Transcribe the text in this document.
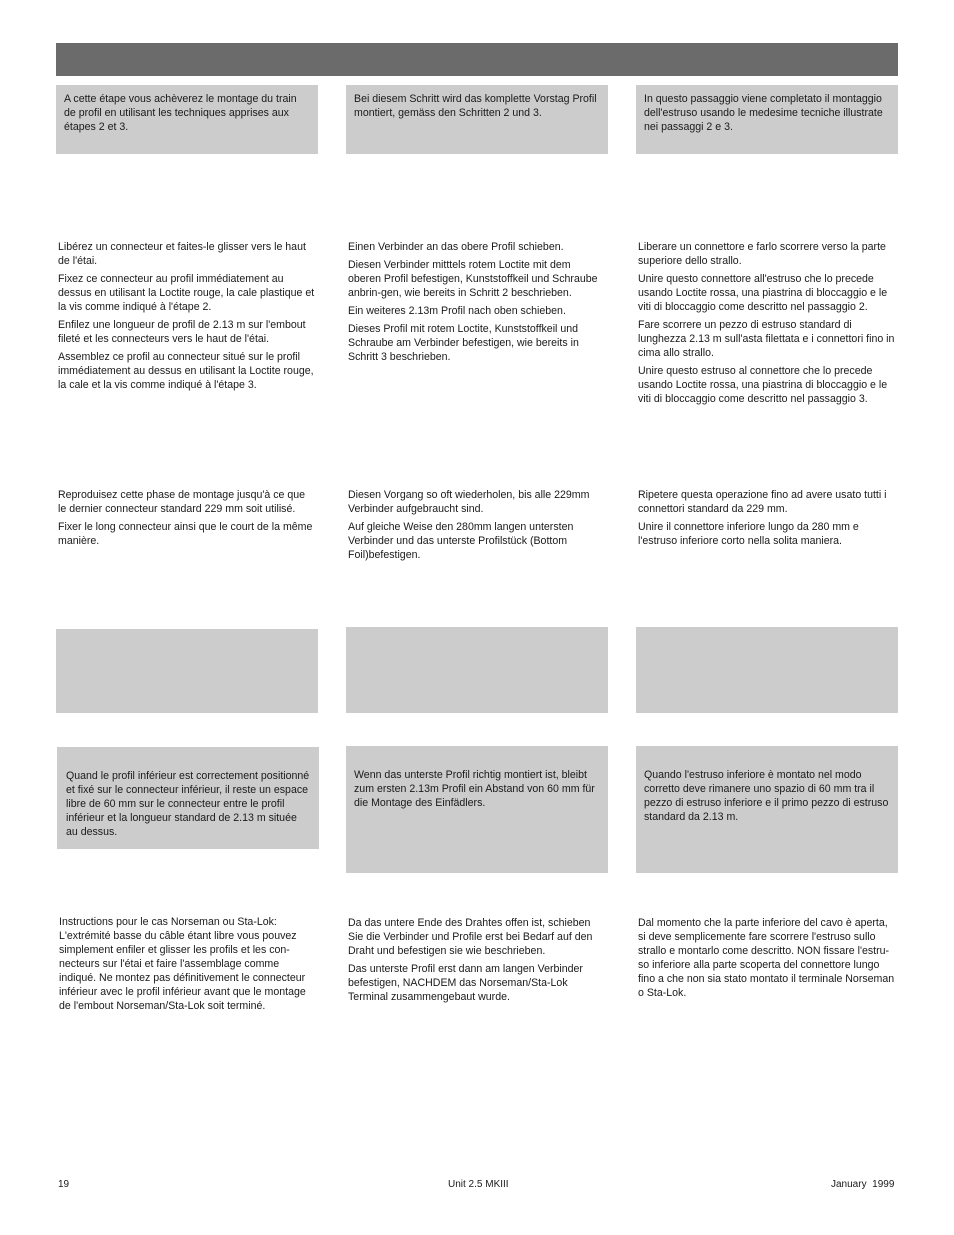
A cette étape vous achèverez le montage du train de profil en utilisant les techniques apprises aux étapes 2 et 3.

Bei diesem Schritt wird das komplette Vorstag Profil montiert, gemäss den Schritten 2 und 3.

In questo passaggio viene completato il montaggio dell'estruso usando le medesime tecniche illustrate nei passaggi 2 e 3.

Libérez un connecteur et faites-le glisser vers le haut de l'étai.

Fixez ce connecteur au profil immédiatement au dessus en utilisant la Loctite rouge, la cale plastique et la vis comme indiqué à l'étape 2.

Enfilez une longueur de profil de 2.13 m sur l'embout fileté et les connecteurs vers le haut de l'étai.

Assemblez ce profil au connecteur situé sur le profil immédiatement au dessus en utilisant la Loctite rouge, la cale et la vis comme indiqué à l'étape 3.

Einen Verbinder an das obere Profil schieben.

Diesen Verbinder mitttels rotem Loctite mit dem oberen Profil befestigen, Kunststoffkeil und Schraube anbrin-gen, wie bereits in Schritt 2 beschrieben.

Ein weiteres 2.13m Profil nach oben schieben.

Dieses Profil mit rotem Loctite, Kunststoffkeil und Schraube am Verbinder befestigen, wie bereits in Schritt 3 beschrieben.

Liberare un connettore e farlo scorrere verso la parte superiore dello strallo.

Unire questo connettore all'estruso che lo precede usando Loctite rossa, una piastrina di bloccaggio e le viti di bloccaggio come descritto nel passaggio 2.

Fare scorrere un pezzo di estruso standard di lunghezza 2.13 m sull'asta filettata e i connettori fino in cima allo strallo.

Unire questo estruso al connettore che lo precede usando Loctite rossa, una piastrina di bloccaggio e le viti di bloccaggio come descritto nel passaggio 3.

Reproduisez cette phase de montage jusqu'à ce que le dernier connecteur standard 229 mm soit utilisé.

Fixer le long connecteur ainsi que le court de la même manière.

Diesen Vorgang so oft wiederholen, bis alle 229mm Verbinder aufgebraucht sind.

Auf gleiche Weise den 280mm langen untersten Verbinder und das unterste Profilstück (Bottom Foil)befestigen.

Ripetere questa operazione fino ad avere usato tutti i connettori standard da 229 mm.

Unire il connettore inferiore lungo da 280 mm e l'estruso inferiore corto nella solita maniera.

Quand le profil inférieur est correctement positionné et fixé sur le connecteur inférieur, il reste un espace libre de 60 mm sur le connecteur entre le profil inférieur et la longueur standard de 2.13 m située au dessus.

Wenn das unterste Profil richtig montiert ist, bleibt zum ersten 2.13m Profil ein Abstand von 60 mm für die Montage des Einfädlers.

Quando l'estruso inferiore è montato nel modo corretto deve rimanere uno spazio di 60 mm tra il pezzo di estruso inferiore e il primo pezzo di estruso standard da 2.13 m.

Instructions pour le cas Norseman ou Sta-Lok: L'extrémité basse du câble étant libre vous pouvez simplement enfiler et glisser les profils et les con-necteurs sur l'étai et faire l'assemblage comme indiqué. Ne montez pas définitivement le connecteur inférieur avec le profil inférieur avant que le montage de l'embout Norseman/Sta-Lok soit terminé.

Da das untere Ende des Drahtes offen ist, schieben Sie die Verbinder und Profile erst bei Bedarf auf den Draht und befestigen sie wie beschrieben.

Das unterste Profil erst dann am langen Verbinder befestigen, NACHDEM das Norseman/Sta-Lok Terminal zusammengebaut wurde.

Dal momento che la parte inferiore del cavo è aperta, si deve semplicemente fare scorrere l'estruso sullo strallo e montarlo come descritto. NON fissare l'estru-so inferiore alla parte scoperta del connettore lungo fino a che non sia stato montato il terminale Norseman o Sta-Lok.

19	Unit 2.5 MKIII	January  1999
